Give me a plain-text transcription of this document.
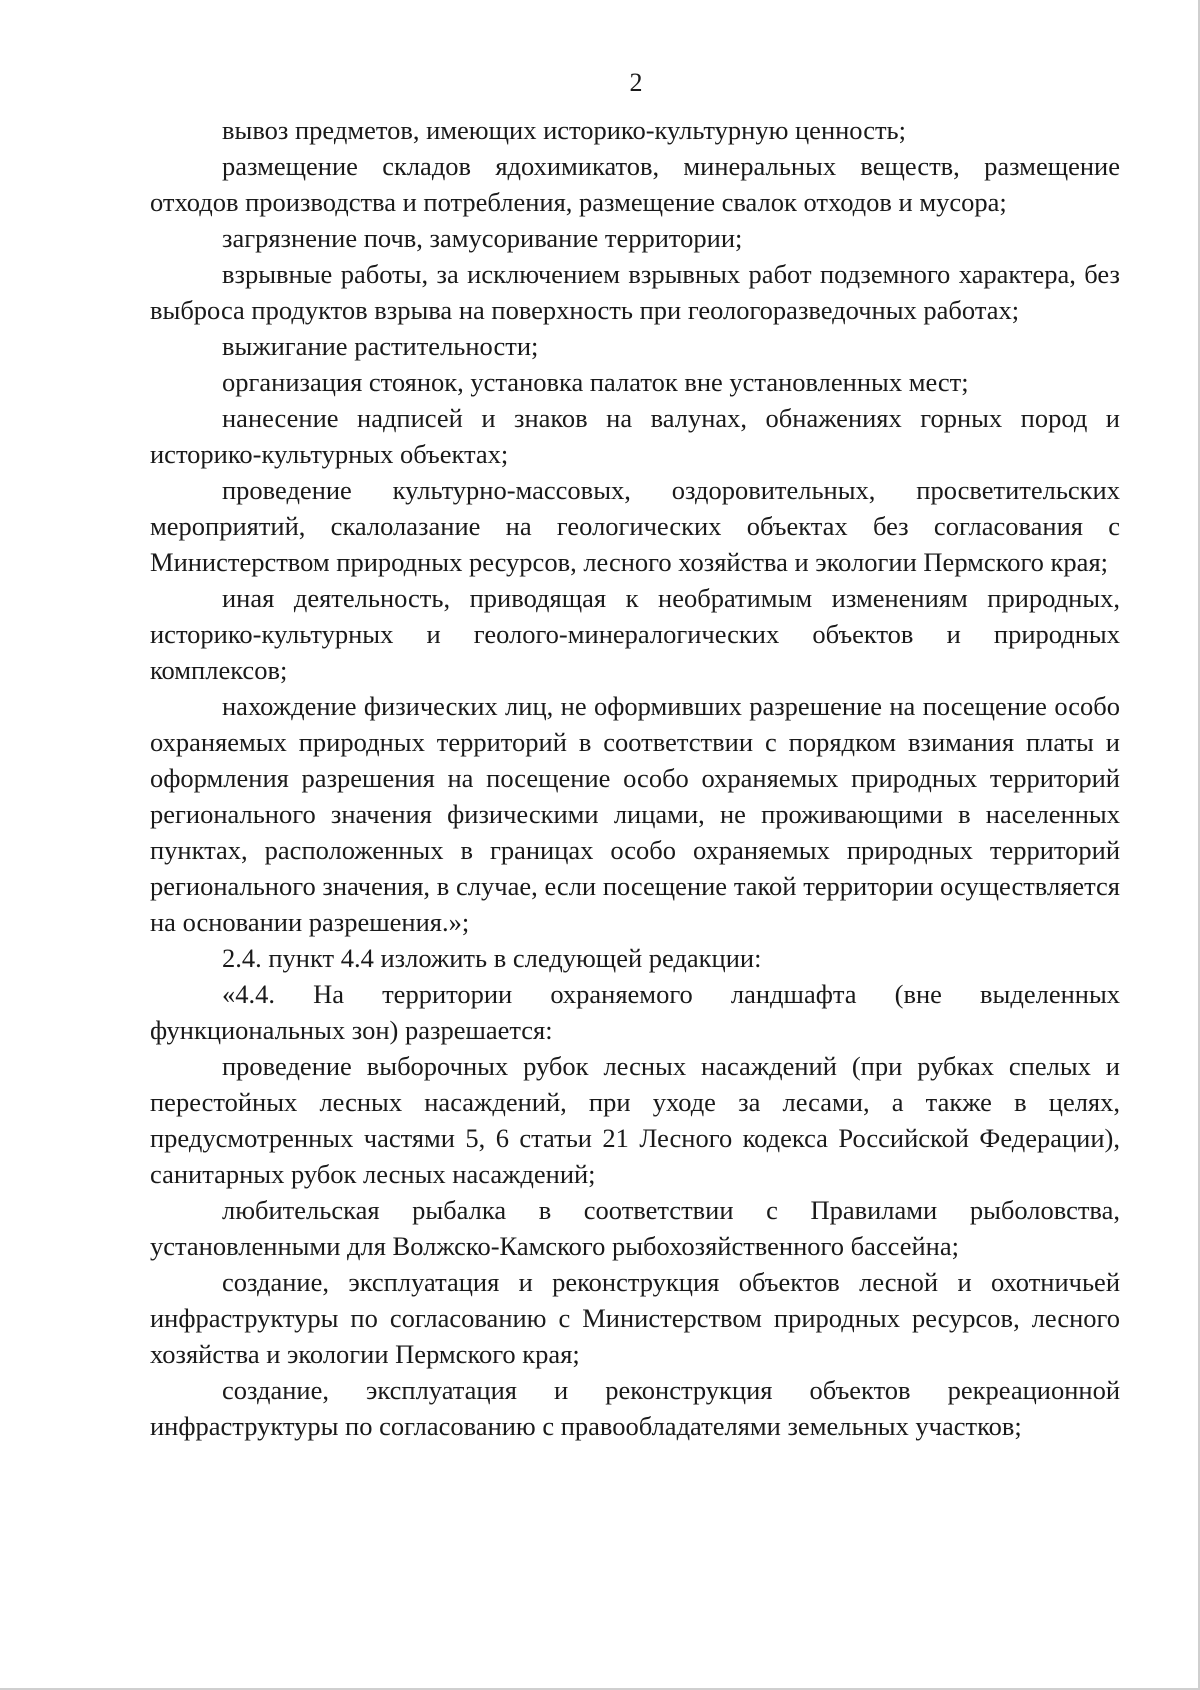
2

вывоз предметов, имеющих историко-культурную ценность;

размещение складов ядохимикатов, минеральных веществ, размещение отходов производства и потребления, размещение свалок отходов и мусора;

загрязнение почв, замусоривание территории;

взрывные работы, за исключением взрывных работ подземного характера, без выброса продуктов взрыва на поверхность при геологоразведочных работах;

выжигание растительности;

организация стоянок, установка палаток вне установленных мест;

нанесение надписей и знаков на валунах, обнажениях горных пород и историко-культурных объектах;

проведение культурно-массовых, оздоровительных, просветительских мероприятий, скалолазание на геологических объектах без согласования с Министерством природных ресурсов, лесного хозяйства и экологии Пермского края;

иная деятельность, приводящая к необратимым изменениям природных, историко-культурных и геолого-минералогических объектов и природных комплексов;

нахождение физических лиц, не оформивших разрешение на посещение особо охраняемых природных территорий в соответствии с порядком взимания платы и оформления разрешения на посещение особо охраняемых природных территорий регионального значения физическими лицами, не проживающими в населенных пунктах, расположенных в границах особо охраняемых природных территорий регионального значения, в случае, если посещение такой территории осуществляется на основании разрешения.»;

2.4. пункт 4.4 изложить в следующей редакции:

«4.4. На территории охраняемого ландшафта (вне выделенных функциональных зон) разрешается:

проведение выборочных рубок лесных насаждений (при рубках спелых и перестойных лесных насаждений, при уходе за лесами, а также в целях, предусмотренных частями 5, 6 статьи 21 Лесного кодекса Российской Федерации), санитарных рубок лесных насаждений;

любительская рыбалка в соответствии с Правилами рыболовства, установленными для Волжско-Камского рыбохозяйственного бассейна;

создание, эксплуатация и реконструкция объектов лесной и охотничьей инфраструктуры по согласованию с Министерством природных ресурсов, лесного хозяйства и экологии Пермского края;

создание, эксплуатация и реконструкция объектов рекреационной инфраструктуры по согласованию с правообладателями земельных участков;
